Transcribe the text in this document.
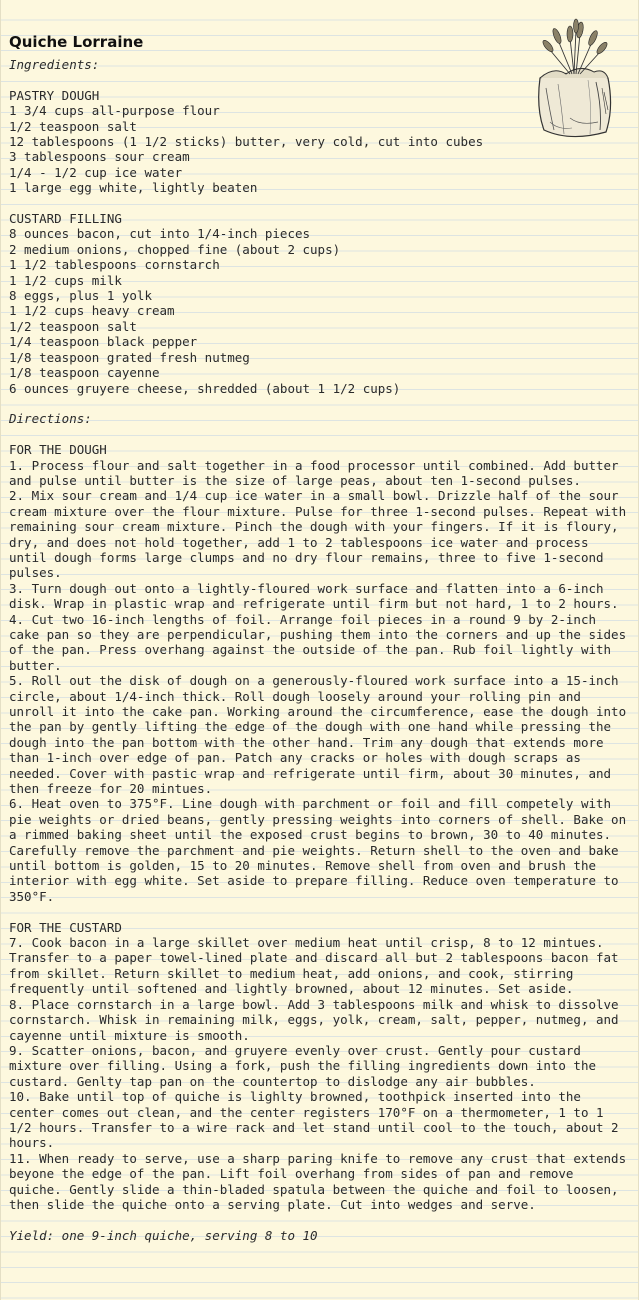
Quiche Lorraine

Ingredients:

PASTRY DOUGH

1 3/4 cups all-purpose flour

1/2 teaspoon salt

12 tablespoons (1 1/2 sticks) butter, very cold, cut into cubes

3 tablespoons sour cream

1/4 - 1/2 cup ice water

1 large egg white, lightly beaten

CUSTARD FILLING

8 ounces bacon, cut into 1/4-inch pieces

2 medium onions, chopped fine (about 2 cups)

1 1/2 tablespoons cornstarch

1 1/2 cups milk

8 eggs, plus 1 yolk

1 1/2 cups heavy cream

1/2 teaspoon salt

1/4 teaspoon black pepper

1/8 teaspoon grated fresh nutmeg

1/8 teaspoon cayenne

6 ounces gruyere cheese, shredded (about 1 1/2 cups)

Directions:

FOR THE DOUGH

1. Process flour and salt together in a food processor until combined. Add butter and pulse until butter is the size of large peas, about ten 1-second pulses.

2. Mix sour cream and 1/4 cup ice water in a small bowl. Drizzle half of the sour cream mixture over the flour mixture. Pulse for three 1-second pulses. Repeat with remaining sour cream mixture. Pinch the dough with your fingers. If it is floury, dry, and does not hold together, add 1 to 2 tablespoons ice water and process until dough forms large clumps and no dry flour remains, three to five 1-second pulses.

3. Turn dough out onto a lightly-floured work surface and flatten into a 6-inch disk. Wrap in plastic wrap and refrigerate until firm but not hard, 1 to 2 hours.

4. Cut two 16-inch lengths of foil. Arrange foil pieces in a round 9 by 2-inch cake pan so they are perpendicular, pushing them into the corners and up the sides of the pan. Press overhang against the outside of the pan. Rub foil lightly with butter.

5. Roll out the disk of dough on a generously-floured work surface into a 15-inch circle, about 1/4-inch thick. Roll dough loosely around your rolling pin and unroll it into the cake pan. Working around the circumference, ease the dough into the pan by gently lifting the edge of the dough with one hand while pressing the dough into the pan bottom with the other hand. Trim any dough that extends more than 1-inch over edge of pan. Patch any cracks or holes with dough scraps as needed. Cover with pastic wrap and refrigerate until firm, about 30 minutes, and then freeze for 20 mintues.

6. Heat oven to 375°F. Line dough with parchment or foil and fill competely with pie weights or dried beans, gently pressing weights into corners of shell. Bake on a rimmed baking sheet until the exposed crust begins to brown, 30 to 40 minutes. Carefully remove the parchment and pie weights. Return shell to the oven and bake until bottom is golden, 15 to 20 minutes. Remove shell from oven and brush the interior with egg white. Set aside to prepare filling. Reduce oven temperature to 350°F.

FOR THE CUSTARD

7. Cook bacon in a large skillet over medium heat until crisp, 8 to 12 mintues. Transfer to a paper towel-lined plate and discard all but 2 tablespoons bacon fat from skillet. Return skillet to medium heat, add onions, and cook, stirring frequently until softened and lightly browned, about 12 minutes. Set aside.

8. Place cornstarch in a large bowl. Add 3 tablespoons milk and whisk to dissolve cornstarch. Whisk in remaining milk, eggs, yolk, cream, salt, pepper, nutmeg, and cayenne until mixture is smooth.

9. Scatter onions, bacon, and gruyere evenly over crust. Gently pour custard mixture over filling. Using a fork, push the filling ingredients down into the custard. Genlty tap pan on the countertop to dislodge any air bubbles.

10. Bake until top of quiche is lighlty browned, toothpick inserted into the center comes out clean, and the center registers 170°F on a thermometer, 1 to 1 1/2 hours. Transfer to a wire rack and let stand until cool to the touch, about 2 hours.

11. When ready to serve, use a sharp paring knife to remove any crust that extends beyone the edge of the pan. Lift foil overhang from sides of pan and remove quiche. Gently slide a thin-bladed spatula between the quiche and foil to loosen, then slide the quiche onto a serving plate. Cut into wedges and serve.

Yield: one 9-inch quiche, serving 8 to 10
